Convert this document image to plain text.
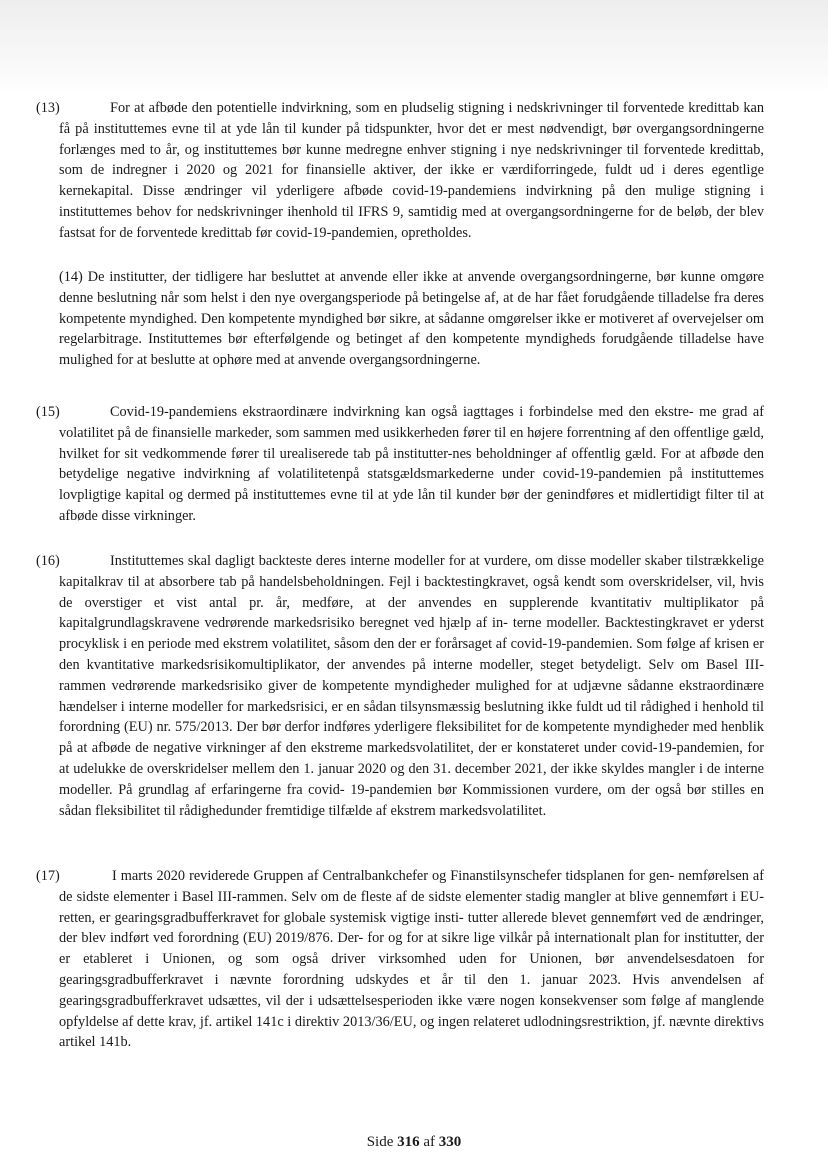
(13)	For at afbøde den potentielle indvirkning, som en pludselig stigning i nedskrivninger til forventede kredittab kan få på instituttemes evne til at yde lån til kunder på tidspunkter, hvor det er mest nødvendigt, bør overgangsordningerne forlænges med to år, og instituttemes bør kunne medregne enhver stigning i nye nedskrivninger til forventede kredittab, som de indregner i 2020 og 2021 for finansielle aktiver, der ikke er værdiforringede, fuldt ud i deres egentlige kernekapital. Disse ændringer vil yderligere afbøde covid-19-pandemiens indvirkning på den mulige stigning i instituttemes behov for nedskrivninger ihenhold til IFRS 9, samtidig med at overgangsordningerne for de beløb, der blev fastsat for de forventede kredittab før covid-19-pandemien, opretholdes.
(14) De institutter, der tidligere har besluttet at anvende eller ikke at anvende overgangsordningerne, bør kunne omgøre denne beslutning når som helst i den nye overgangsperiode på betingelse af, at de har fået forudgående tilladelse fra deres kompetente myndighed. Den kompetente myndighed bør sikre, at sådanne omgørelser ikke er motiveret af overvejelser om regelarbitrage. Instituttemes bør efterfølgende og betinget af den kompetente myndigheds forudgående tilladelse have mulighed for at beslutte at ophøre med at anvende overgangsordningerne.
(15)	Covid-19-pandemiens ekstraordinære indvirkning kan også iagttages i forbindelse med den ekstre- me grad af volatilitet på de finansielle markeder, som sammen med usikkerheden fører til en højere forrentning af den offentlige gæld, hvilket for sit vedkommende fører til urealiserede tab på institutter-nes beholdninger af offentlig gæld. For at afbøde den betydelige negative indvirkning af volatilitetenpå statsgældsmarkederne under covid-19-pandemien på instituttemes lovpligtige kapital og dermed på instituttemes evne til at yde lån til kunder bør der genindføres et midlertidigt filter til at afbøde disse virkninger.
(16)	Instituttemes skal dagligt backteste deres interne modeller for at vurdere, om disse modeller skaber tilstrækkelige kapitalkrav til at absorbere tab på handelsbeholdningen. Fejl i backtestingkravet, også kendt som overskridelser, vil, hvis de overstiger et vist antal pr. år, medføre, at der anvendes en supplerende kvantitativ multiplikator på kapitalgrundlagskravene vedrørende markedsrisiko beregnet ved hjælp af in- terne modeller. Backtestingkravet er yderst procyklisk i en periode med ekstrem volatilitet, såsom den der er forårsaget af covid-19-pandemien. Som følge af krisen er den kvantitative markedsrisikomultiplikator, der anvendes på interne modeller, steget betydeligt. Selv om Basel III-rammen vedrørende markedsrisiko giver de kompetente myndigheder mulighed for at udjævne sådanne ekstraordinære hændelser i interne modeller for markedsrisici, er en sådan tilsynsmæssig beslutning ikke fuldt ud til rådighed i henhold til forordning (EU) nr. 575/2013. Der bør derfor indføres yderligere fleksibilitet for de kompetente myndigheder med henblik på at afbøde de negative virkninger af den ekstreme markedsvolatilitet, der er konstateret under covid-19-pandemien, for at udelukke de overskridelser mellem den 1. januar 2020 og den 31. december 2021, der ikke skyldes mangler i de interne modeller. På grundlag af erfaringerne fra covid- 19-pandemien bør Kommissionen vurdere, om der også bør stilles en sådan fleksibilitet til rådighedunder fremtidige tilfælde af ekstrem markedsvolatilitet.
(17)	I marts 2020 reviderede Gruppen af Centralbankchefer og Finanstilsynschefer tidsplanen for gen- nemførelsen af de sidste elementer i Basel III-rammen. Selv om de fleste af de sidste elementer stadig mangler at blive gennemført i EU-retten, er gearingsgradbufferkravet for globale systemisk vigtige insti- tutter allerede blevet gennemført ved de ændringer, der blev indført ved forordning (EU) 2019/876. Der- for og for at sikre lige vilkår på internationalt plan for institutter, der er etableret i Unionen, og som også driver virksomhed uden for Unionen, bør anvendelsesdatoen for gearingsgradbufferkravet i nævnte forordning udskydes et år til den 1. januar 2023. Hvis anvendelsen af gearingsgradbufferkravet udsættes, vil der i udsættelsesperioden ikke være nogen konsekvenser som følge af manglende opfyldelse af dette krav, jf. artikel 141c i direktiv 2013/36/EU, og ingen relateret udlodningsrestriktion, jf. nævnte direktivs artikel 141b.
Side 316 af 330
